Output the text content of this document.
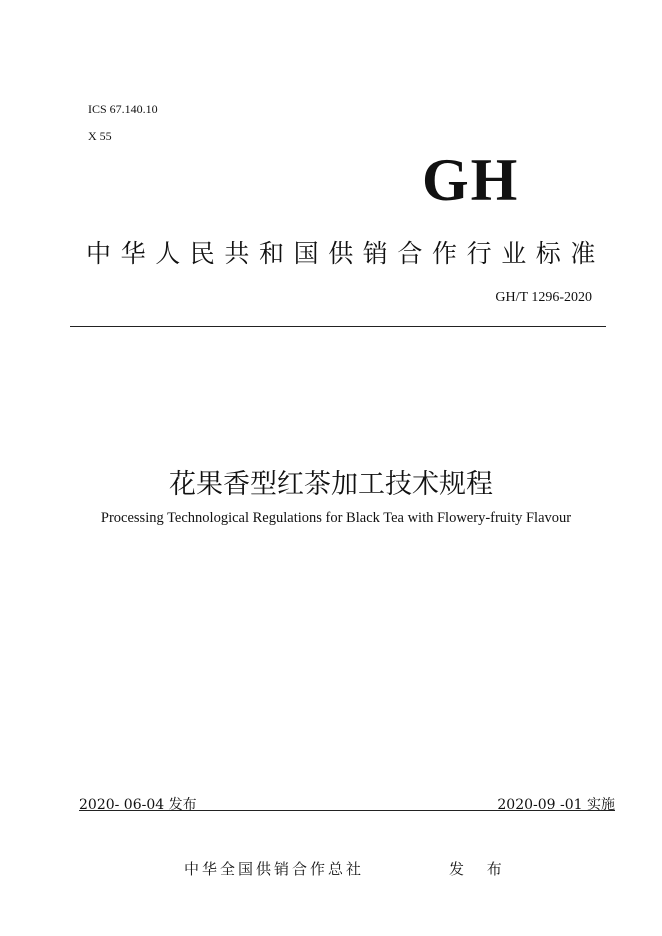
ICS 67.140.10
X 55
GH
中华人民共和国供销合作行业标准
GH/T 1296-2020
花果香型红茶加工技术规程
Processing Technological Regulations for Black Tea with Flowery-fruity Flavour
2020- 06-04 发布	2020-09 -01 实施
中华全国供销合作总社	发 布
